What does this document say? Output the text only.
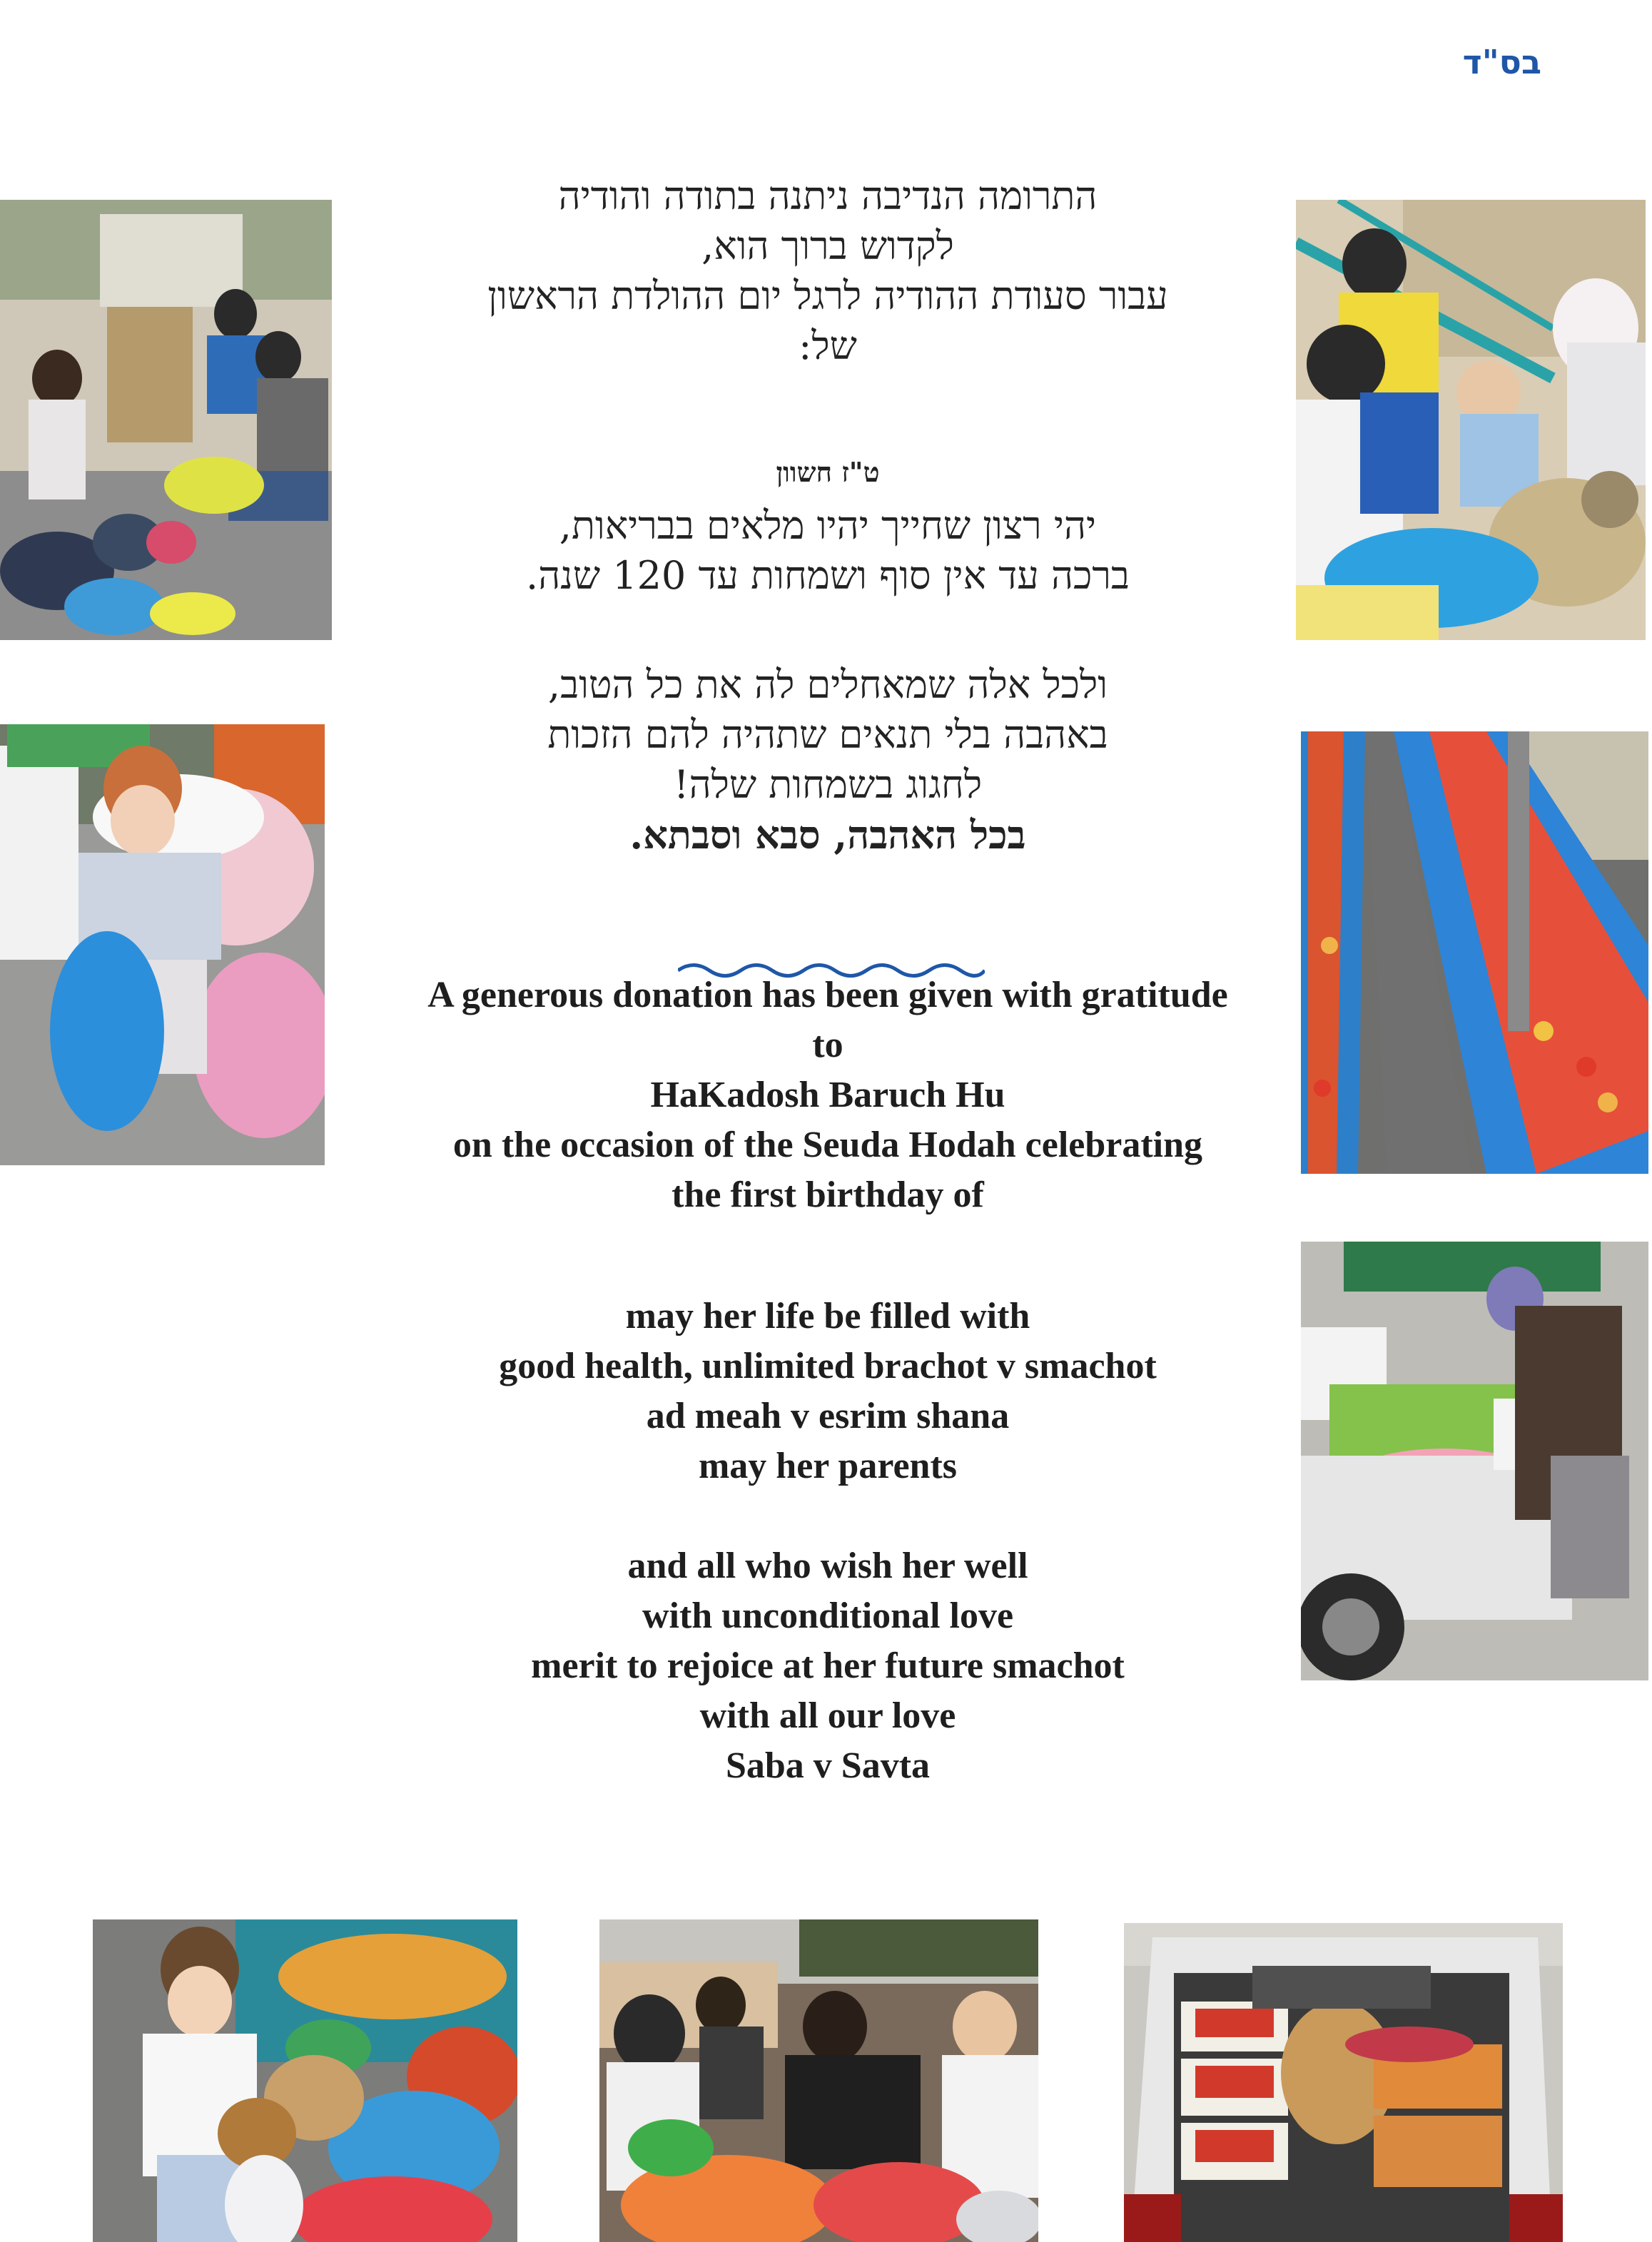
בס"ד
התרומה הנדיבה ניתנה בתודה והודיה
לקדוש ברוך הוא,
עבור סעודת ההודיה לרגל יום ההולדת הראשון
של:
ט"ז חשוון
יהי רצון שחייך יהיו מלאים בבריאות,
ברכה עד אין סוף ושמחות עד 120 שנה.
ולכל אלה שמאחלים לה את כל הטוב,
באהבה בלי תנאים שתהיה להם הזכות
לחגוג בשמחות שלה!
בכל האהבה, סבא וסבתא.
A generous donation has been given with gratitude
to
HaKadosh Baruch Hu
on the occasion of the Seuda Hodah celebrating
the first birthday of
may her life be filled with
good health, unlimited brachot v smachot
ad meah v esrim shana
may her parents
and all who wish her well
with unconditional love
merit to rejoice at her future smachot
with all our love
Saba v Savta
